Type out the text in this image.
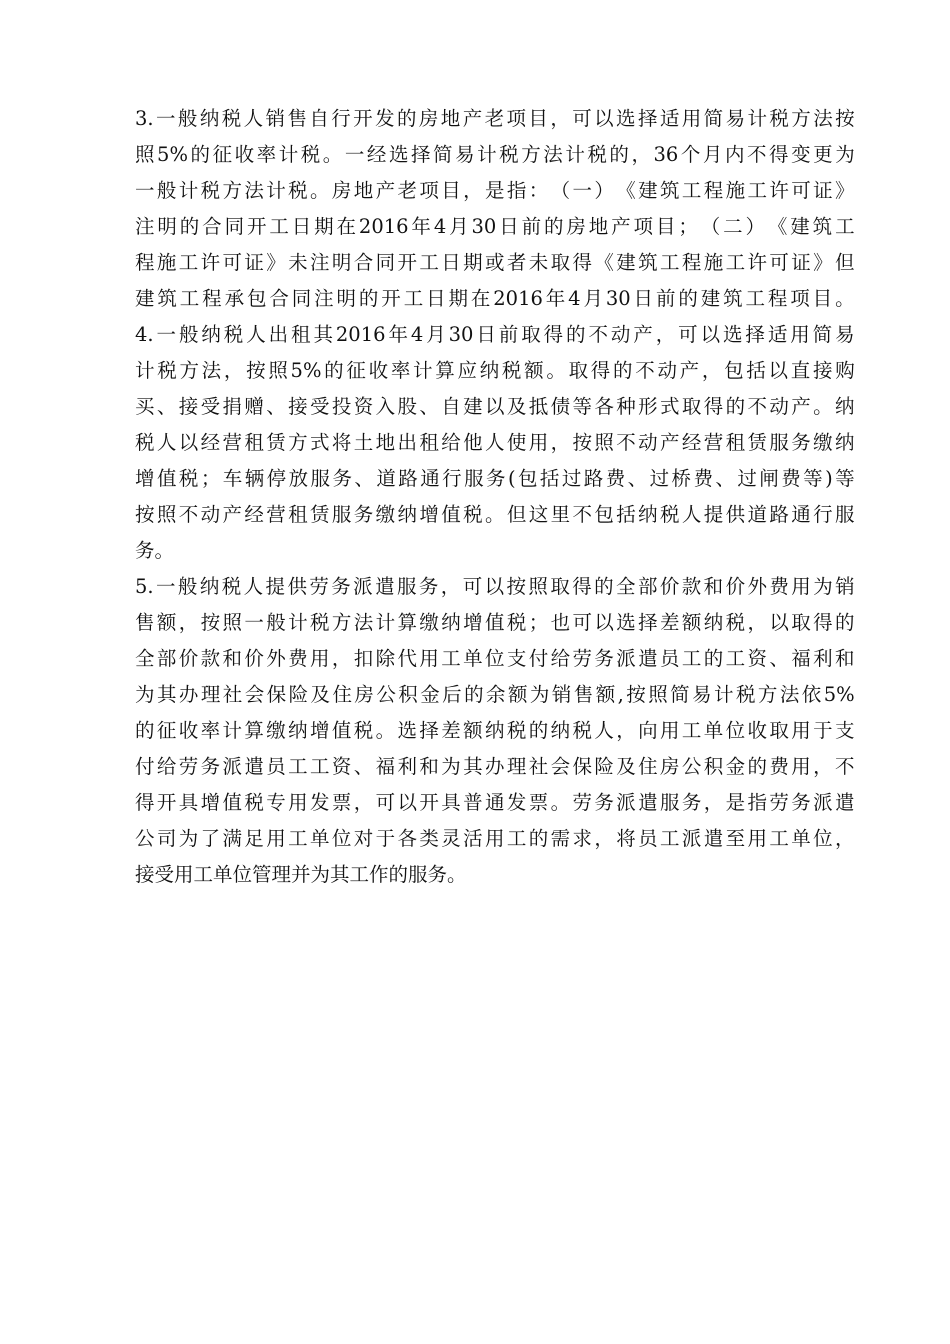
3. 一 般 纳 税 人 销 售 自 行 开 发 的 房 地 产 老 项 目 ， 可 以 选 择 适 用 简 易 计 税 方 法 按
照 5% 的 征 收 率 计 税 。 一 经 选 择 简 易 计 税 方 法 计 税 的 ， 36 个 月 内 不 得 变 更 为
一 般 计 税 方 法 计 税 。 房 地 产 老 项 目 ， 是 指 ： （ 一 ） 《 建 筑 工 程 施 工 许 可 证 》
注 明 的 合 同 开 工 日 期 在 2016 年 4 月 30 日 前 的 房 地 产 项 目 ； （ 二 ） 《 建 筑 工
程 施 工 许 可 证 》 未 注 明 合 同 开 工 日 期 或 者 未 取 得 《 建 筑 工 程 施 工 许 可 证 》 但
建 筑 工 程 承 包 合 同 注 明 的 开 工 日 期 在 2016 年 4 月 30 日 前 的 建 筑 工 程 项 目 。
4. 一 般 纳 税 人 出 租 其 2016 年 4 月 30 日 前 取 得 的 不 动 产 ， 可 以 选 择 适 用 简 易
计 税 方 法 ， 按 照 5% 的 征 收 率 计 算 应 纳 税 额 。 取 得 的 不 动 产 ， 包 括 以 直 接 购
买 、 接 受 捐 赠 、 接 受 投 资 入 股 、 自 建 以 及 抵 债 等 各 种 形 式 取 得 的 不 动 产 。 纳
税 人 以 经 营 租 赁 方 式 将 土 地 出 租 给 他 人 使 用 ， 按 照 不 动 产 经 营 租 赁 服 务 缴 纳
增 值 税 ； 车 辆 停 放 服 务 、 道 路 通 行 服 务 ( 包 括 过 路 费 、 过 桥 费 、 过 闸 费 等 ) 等
按 照 不 动 产 经 营 租 赁 服 务 缴 纳 增 值 税 。 但 这 里 不 包 括 纳 税 人 提 供 道 路 通 行 服
务。
5. 一 般 纳 税 人 提 供 劳 务 派 遣 服 务 ， 可 以 按 照 取 得 的 全 部 价 款 和 价 外 费 用 为 销
售 额 ， 按 照 一 般 计 税 方 法 计 算 缴 纳 增 值 税 ； 也 可 以 选 择 差 额 纳 税 ， 以 取 得 的
全 部 价 款 和 价 外 费 用 ， 扣 除 代 用 工 单 位 支 付 给 劳 务 派 遣 员 工 的 工 资 、 福 利 和
为 其 办 理 社 会 保 险 及 住 房 公 积 金 后 的 余 额 为 销 售 额 , 按 照 简 易 计 税 方 法 依 5%
的 征 收 率 计 算 缴 纳 增 值 税 。 选 择 差 额 纳 税 的 纳 税 人 ， 向 用 工 单 位 收 取 用 于 支
付 给 劳 务 派 遣 员 工 工 资 、 福 利 和 为 其 办 理 社 会 保 险 及 住 房 公 积 金 的 费 用 ， 不
得 开 具 增 值 税 专 用 发 票 ， 可 以 开 具 普 通 发 票 。 劳 务 派 遣 服 务 ， 是 指 劳 务 派 遣
公 司 为 了 满 足 用 工 单 位 对 于 各 类 灵 活 用 工 的 需 求 ， 将 员 工 派 遣 至 用 工 单 位 ，
接受用工单位管理并为其工作的服务。
